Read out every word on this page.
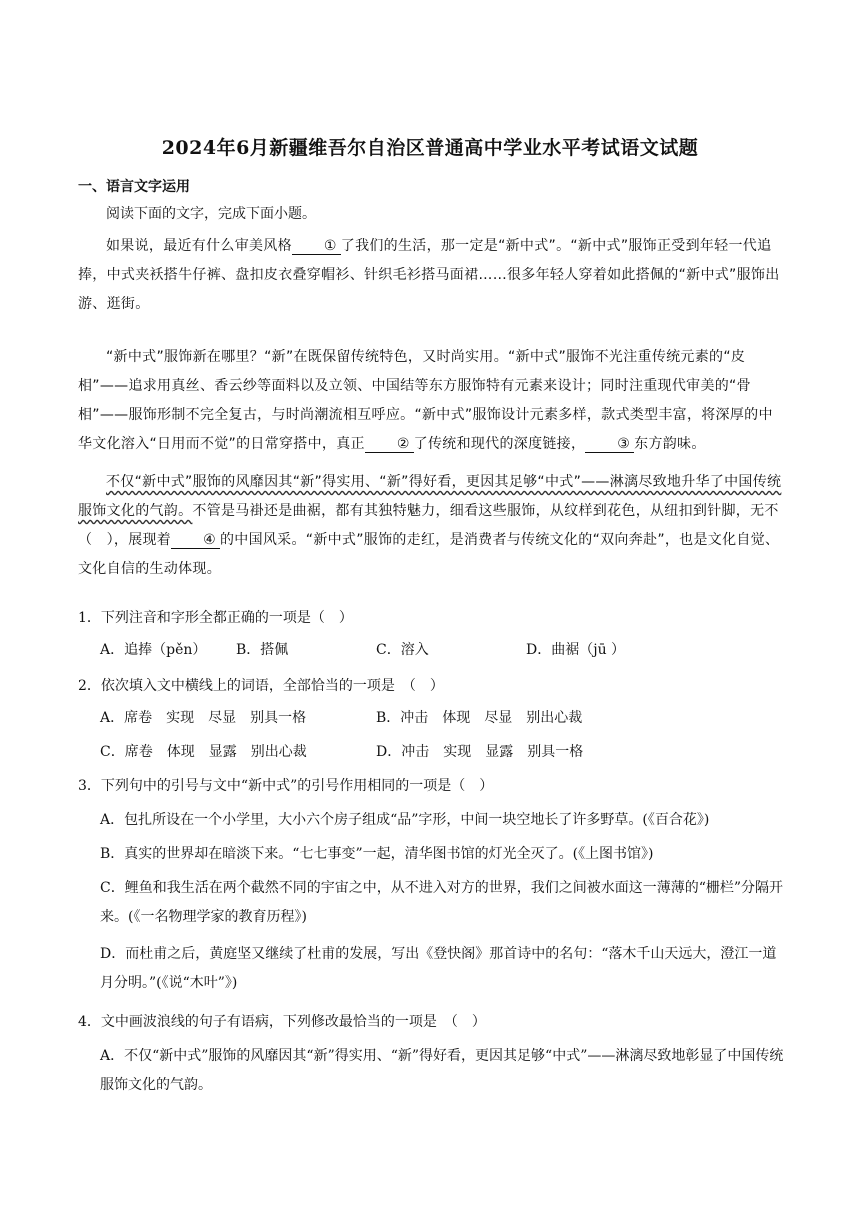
2024年6月新疆维吾尔自治区普通高中学业水平考试语文试题
一、语言文字运用
阅读下面的文字，完成下面小题。
如果说，最近有什么审美风格 ① 了我们的生活，那一定是“新中式”。“新中式”服饰正受到年轻一代追捧，中式夹袄搭牛仔裤、盘扣皮衣叠穿帽衫、针织毛衫搭马面裙……很多年轻人穿着如此搭佩的“新中式”服饰出游、逛街。
“新中式”服饰新在哪里？“新”在既保留传统特色，又时尚实用。“新中式”服饰不光注重传统元素的“皮相”——追求用真丝、香云纱等面料以及立领、中国结等东方服饰特有元素来设计；同时注重现代审美的“骨相”——服饰形制不完全复古，与时尚潮流相互呼应。“新中式”服饰设计元素多样，款式类型丰富，将深厚的中华文化溶入“日用而不觉”的日常穿搭中，真正 ② 了传统和现代的深度链接， ③ 东方韵味。
不仅“新中式”服饰的风靡因其“新”得实用、“新”得好看，更因其足够“中式”——淋漓尽致地升华了中国传统服饰文化的气韵。不管是马褂还是曲裾，都有其独特魅力，细看这些服饰，从纹样到花色，从纽扣到针脚，无不（　），展现着 ④ 的中国风采。“新中式”服饰的走红，是消费者与传统文化的“双向奔赴”，也是文化自觉、文化自信的生动体现。
1．下列注音和字形全都正确的一项是（　）
A．追捧（pěn） B．搭佩	C．溶入	D．曲裾（jū ）
2．依次填入文中横线上的词语，全部恰当的一项是　（　）
A．席卷　实现　尽显　别具一格	B．冲击　体现　尽显　别出心裁
C．席卷　体现　显露　别出心裁	D．冲击　实现　显露　别具一格
3．下列句中的引号与文中“新中式”的引号作用相同的一项是（　）
A．包扎所设在一个小学里，大小六个房子组成“品”字形，中间一块空地长了许多野草。(《百合花》)
B．真实的世界却在暗淡下来。“七七事变”一起，清华图书馆的灯光全灭了。(《上图书馆》)
C．鲤鱼和我生活在两个截然不同的宇宙之中，从不进入对方的世界，我们之间被水面这一薄薄的“栅栏”分隔开来。(《一名物理学家的教育历程》)
D．而杜甫之后，黄庭坚又继续了杜甫的发展，写出《登快阁》那首诗中的名句：“落木千山天远大，澄江一道月分明。”(《说“木叶”》)
4．文中画波浪线的句子有语病，下列修改最恰当的一项是　（　）
A．不仅“新中式”服饰的风靡因其“新”得实用、“新”得好看，更因其足够“中式”——淋漓尽致地彰显了中国传统服饰文化的气韵。
